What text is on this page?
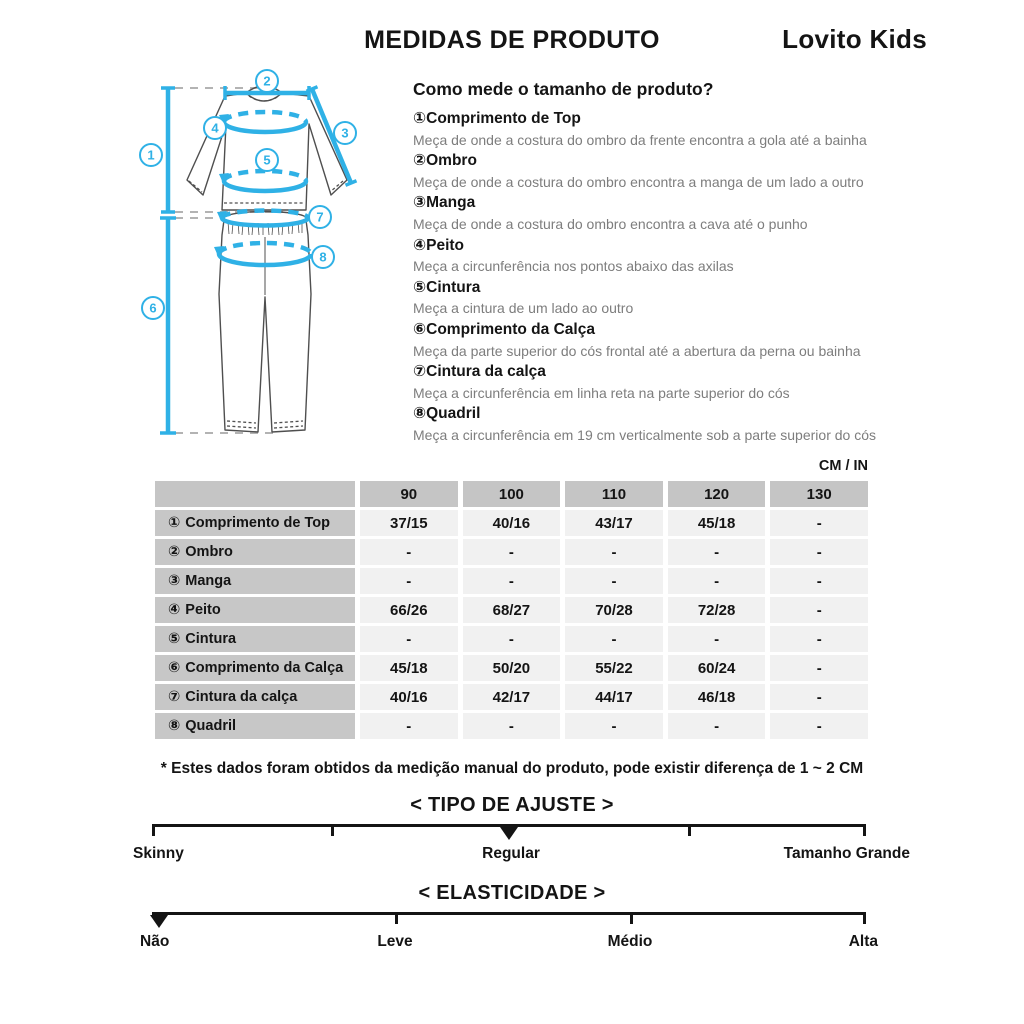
MEDIDAS DE PRODUTO	Lovito Kids
1
2
3
4
5
6
7
8
Como mede o tamanho de produto?
①Comprimento de Top
Meça de onde a costura do ombro da frente encontra a gola até a bainha
②Ombro
Meça de onde a costura do ombro encontra a manga de um lado a outro
③Manga
Meça de onde a costura do ombro encontra a cava até o punho
④Peito
Meça a circunferência nos pontos abaixo das axilas
⑤Cintura
Meça a cintura de um lado ao outro
⑥Comprimento da Calça
Meça da parte superior do cós frontal até a abertura da perna ou bainha
⑦Cintura da calça
Meça a circunferência em linha reta na parte superior do cós
⑧Quadril
Meça a circunferência em 19 cm verticalmente sob a parte superior do cós
CM / IN
90	100	110	120	130
① Comprimento de Top	37/15	40/16	43/17	45/18	-
② Ombro	-	-	-	-	-
③ Manga	-	-	-	-	-
④ Peito	66/26	68/27	70/28	72/28	-
⑤ Cintura	-	-	-	-	-
⑥ Comprimento da Calça	45/18	50/20	55/22	60/24	-
⑦ Cintura da calça	40/16	42/17	44/17	46/18	-
⑧ Quadril	-	-	-	-	-
* Estes dados foram obtidos da medição manual do produto, pode existir diferença de 1 ~ 2 CM
< TIPO DE AJUSTE >
Skinny	Regular	Tamanho Grande
< ELASTICIDADE >
Não	Leve	Médio	Alta
